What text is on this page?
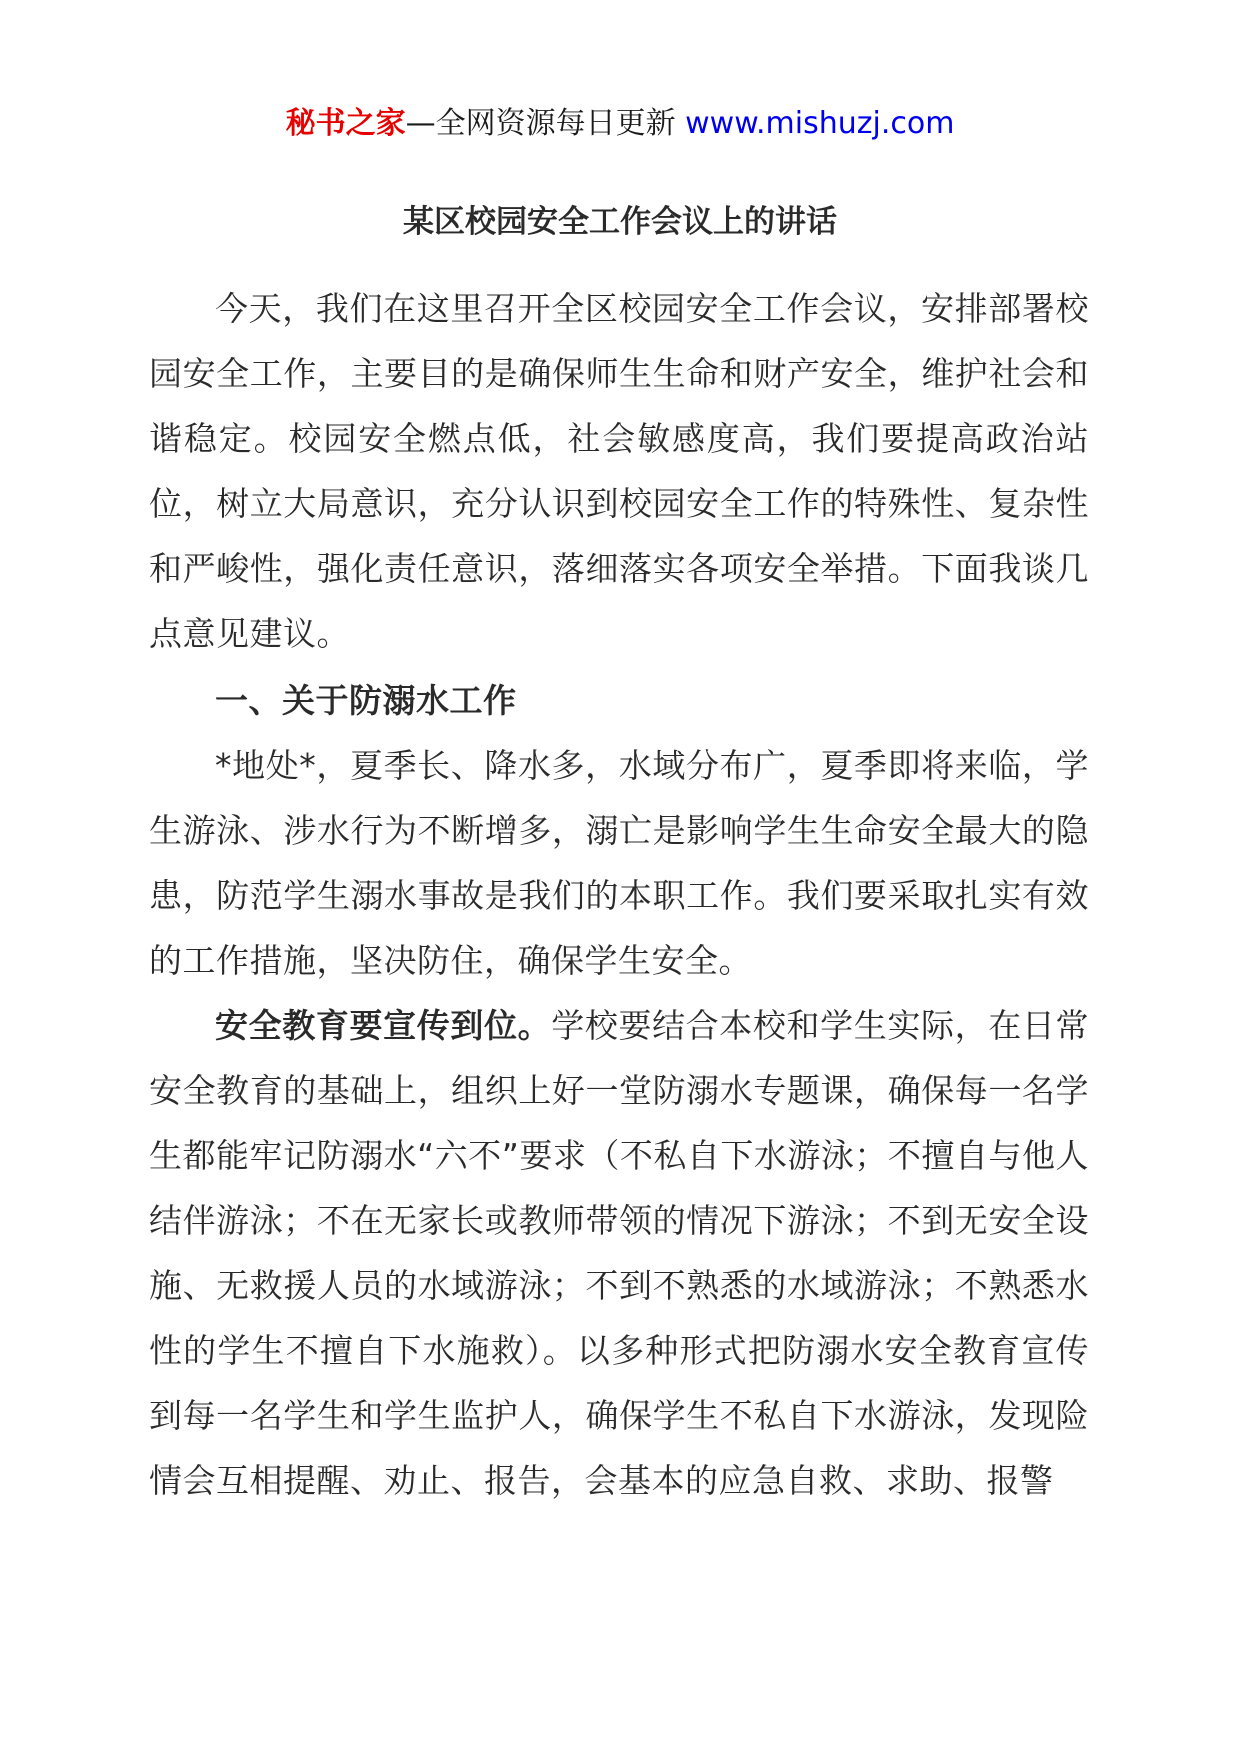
秘书之家—全网资源每日更新 www.mishuzj.com
某区校园安全工作会议上的讲话

今天，我们在这里召开全区校园安全工作会议，安排部署校园安全工作，主要目的是确保师生生命和财产安全，维护社会和谐稳定。校园安全燃点低，社会敏感度高，我们要提高政治站位，树立大局意识，充分认识到校园安全工作的特殊性、复杂性和严峻性，强化责任意识，落细落实各项安全举措。下面我谈几点意见建议。

一、关于防溺水工作

*地处*，夏季长、降水多，水域分布广，夏季即将来临，学生游泳、涉水行为不断增多，溺亡是影响学生生命安全最大的隐患，防范学生溺水事故是我们的本职工作。我们要采取扎实有效的工作措施，坚决防住，确保学生安全。

安全教育要宣传到位。学校要结合本校和学生实际，在日常安全教育的基础上，组织上好一堂防溺水专题课，确保每一名学生都能牢记防溺水“六不”要求（不私自下水游泳；不擅自与他人结伴游泳；不在无家长或教师带领的情况下游泳；不到无安全设施、无救援人员的水域游泳；不到不熟悉的水域游泳；不熟悉水性的学生不擅自下水施救）。以多种形式把防溺水安全教育宣传到每一名学生和学生监护人，确保学生不私自下水游泳，发现险情会互相提醒、劝止、报告，会基本的应急自救、求助、报警
